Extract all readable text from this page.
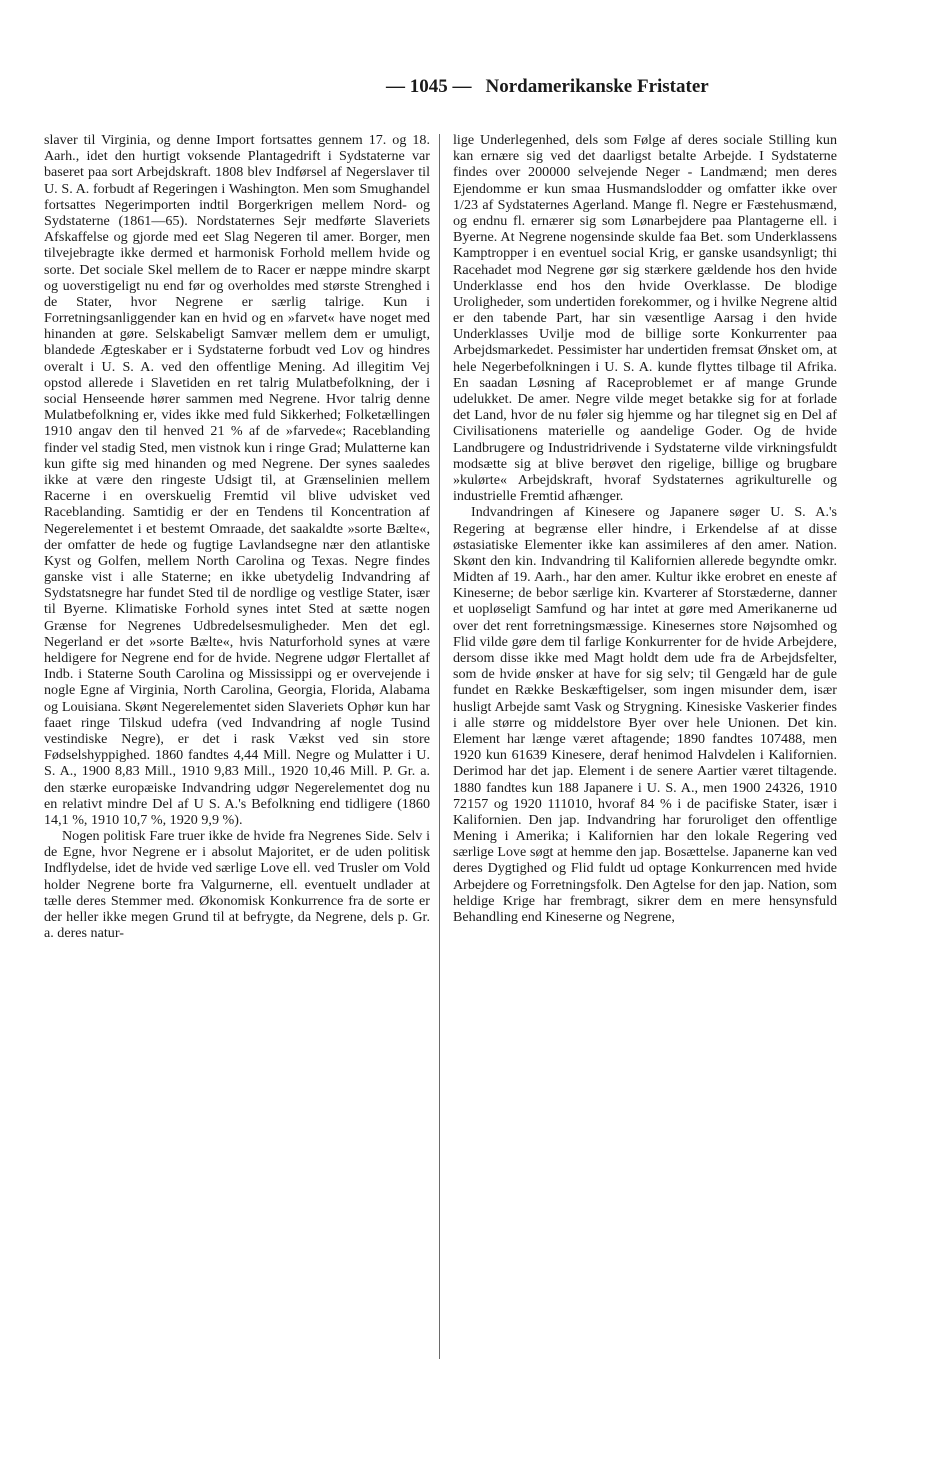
— 1045 — Nordamerikanske Fristater

slaver til Virginia, og denne Import fortsattes gennem 17. og 18. Aarh., idet den hurtigt voksende Plantagedrift i Sydstaterne var baseret paa sort Arbejdskraft. 1808 blev Indførsel af Negerslaver til U. S. A. forbudt af Regeringen i Washington. Men som Smughandel fortsattes Negerimporten indtil Borgerkrigen mellem Nord- og Sydstaterne (1861—65). Nordstaternes Sejr medførte Slaveriets Afskaffelse og gjorde med eet Slag Negeren til amer. Borger, men tilvejebragte ikke dermed et harmonisk Forhold mellem hvide og sorte. Det sociale Skel mellem de to Racer er næppe mindre skarpt og uoverstigeligt nu end før og overholdes med største Strenghed i de Stater, hvor Negrene er særlig talrige. Kun i Forretningsanliggender kan en hvid og en »farvet« have noget med hinanden at gøre. Selskabeligt Samvær mellem dem er umuligt, blandede Ægteskaber er i Sydstaterne forbudt ved Lov og hindres overalt i U. S. A. ved den offentlige Mening. Ad illegitim Vej opstod allerede i Slavetiden en ret talrig Mulatbefolkning, der i social Henseende hører sammen med Negrene. Hvor talrig denne Mulatbefolkning er, vides ikke med fuld Sikkerhed; Folketællingen 1910 angav den til henved 21 % af de »farvede«; Raceblanding finder vel stadig Sted, men vistnok kun i ringe Grad; Mulatterne kan kun gifte sig med hinanden og med Negrene. Der synes saaledes ikke at være den ringeste Udsigt til, at Grænselinien mellem Racerne i en overskuelig Fremtid vil blive udvisket ved Raceblanding. Samtidig er der en Tendens til Koncentration af Negerelementet i et bestemt Omraade, det saakaldte »sorte Bælte«, der omfatter de hede og fugtige Lavlandsegne nær den atlantiske Kyst og Golfen, mellem North Carolina og Texas. Negre findes ganske vist i alle Staterne; en ikke ubetydelig Indvandring af Sydstatsnegre har fundet Sted til de nordlige og vestlige Stater, især til Byerne. Klimatiske Forhold synes intet Sted at sætte nogen Grænse for Negrenes Udbredelsesmuligheder. Men det egl. Negerland er det »sorte Bælte«, hvis Naturforhold synes at være heldigere for Negrene end for de hvide. Negrene udgør Flertallet af Indb. i Staterne South Carolina og Mississippi og er overvejende i nogle Egne af Virginia, North Carolina, Georgia, Florida, Alabama og Louisiana. Skønt Negerelementet siden Slaveriets Ophør kun har faaet ringe Tilskud udefra (ved Indvandring af nogle Tusind vestindiske Negre), er det i rask Vækst ved sin store Fødselshyppighed. 1860 fandtes 4,44 Mill. Negre og Mulatter i U. S. A., 1900 8,83 Mill., 1910 9,83 Mill., 1920 10,46 Mill. P. Gr. a. den stærke europæiske Indvandring udgør Negerelementet dog nu en relativt mindre Del af U S. A.'s Befolkning end tidligere (1860 14,1 %, 1910 10,7 %, 1920 9,9 %).

Nogen politisk Fare truer ikke de hvide fra Negrenes Side. Selv i de Egne, hvor Negrene er i absolut Majoritet, er de uden politisk Indflydelse, idet de hvide ved særlige Love ell. ved Trusler om Vold holder Negrene borte fra Valgurnerne, ell. eventuelt undlader at tælle deres Stemmer med. Økonomisk Konkurrence fra de sorte er der heller ikke megen Grund til at befrygte, da Negrene, dels p. Gr. a. deres natur-

lige Underlegenhed, dels som Følge af deres sociale Stilling kun kan ernære sig ved det daarligst betalte Arbejde. I Sydstaterne findes over 200000 selvejende Neger - Landmænd; men deres Ejendomme er kun smaa Husmandslodder og omfatter ikke over 1/23 af Sydstaternes Agerland. Mange fl. Negre er Fæstehusmænd, og endnu fl. ernærer sig som Lønarbejdere paa Plantagerne ell. i Byerne. At Negrene nogensinde skulde faa Bet. som Underklassens Kamptropper i en eventuel social Krig, er ganske usandsynligt; thi Racehadet mod Negrene gør sig stærkere gældende hos den hvide Underklasse end hos den hvide Overklasse. De blodige Uroligheder, som undertiden forekommer, og i hvilke Negrene altid er den tabende Part, har sin væsentlige Aarsag i den hvide Underklasses Uvilje mod de billige sorte Konkurrenter paa Arbejdsmarkedet. Pessimister har undertiden fremsat Ønsket om, at hele Negerbefolkningen i U. S. A. kunde flyttes tilbage til Afrika. En saadan Løsning af Raceproblemet er af mange Grunde udelukket. De amer. Negre vilde meget betakke sig for at forlade det Land, hvor de nu føler sig hjemme og har tilegnet sig en Del af Civilisationens materielle og aandelige Goder. Og de hvide Landbrugere og Industridrivende i Sydstaterne vilde virkningsfuldt modsætte sig at blive berøvet den rigelige, billige og brugbare »kulørte« Arbejdskraft, hvoraf Sydstaternes agrikulturelle og industrielle Fremtid afhænger.

Indvandringen af Kinesere og Japanere søger U. S. A.'s Regering at begrænse eller hindre, i Erkendelse af at disse østasiatiske Elementer ikke kan assimileres af den amer. Nation. Skønt den kin. Indvandring til Kalifornien allerede begyndte omkr. Midten af 19. Aarh., har den amer. Kultur ikke erobret en eneste af Kineserne; de bebor særlige kin. Kvarterer af Storstæderne, danner et uopløseligt Samfund og har intet at gøre med Amerikanerne ud over det rent forretningsmæssige. Kinesernes store Nøjsomhed og Flid vilde gøre dem til farlige Konkurrenter for de hvide Arbejdere, dersom disse ikke med Magt holdt dem ude fra de Arbejdsfelter, som de hvide ønsker at have for sig selv; til Gengæld har de gule fundet en Række Beskæftigelser, som ingen misunder dem, især husligt Arbejde samt Vask og Strygning. Kinesiske Vaskerier findes i alle større og middelstore Byer over hele Unionen. Det kin. Element har længe været aftagende; 1890 fandtes 107488, men 1920 kun 61639 Kinesere, deraf henimod Halvdelen i Kalifornien. Derimod har det jap. Element i de senere Aartier været tiltagende. 1880 fandtes kun 188 Japanere i U. S. A., men 1900 24326, 1910 72157 og 1920 111010, hvoraf 84 % i de pacifiske Stater, især i Kalifornien. Den jap. Indvandring har foruroliget den offentlige Mening i Amerika; i Kalifornien har den lokale Regering ved særlige Love søgt at hemme den jap. Bosættelse. Japanerne kan ved deres Dygtighed og Flid fuldt ud optage Konkurrencen med hvide Arbejdere og Forretningsfolk. Den Agtelse for den jap. Nation, som heldige Krige har frembragt, sikrer dem en mere hensynsfuld Behandling end Kineserne og Negrene,
